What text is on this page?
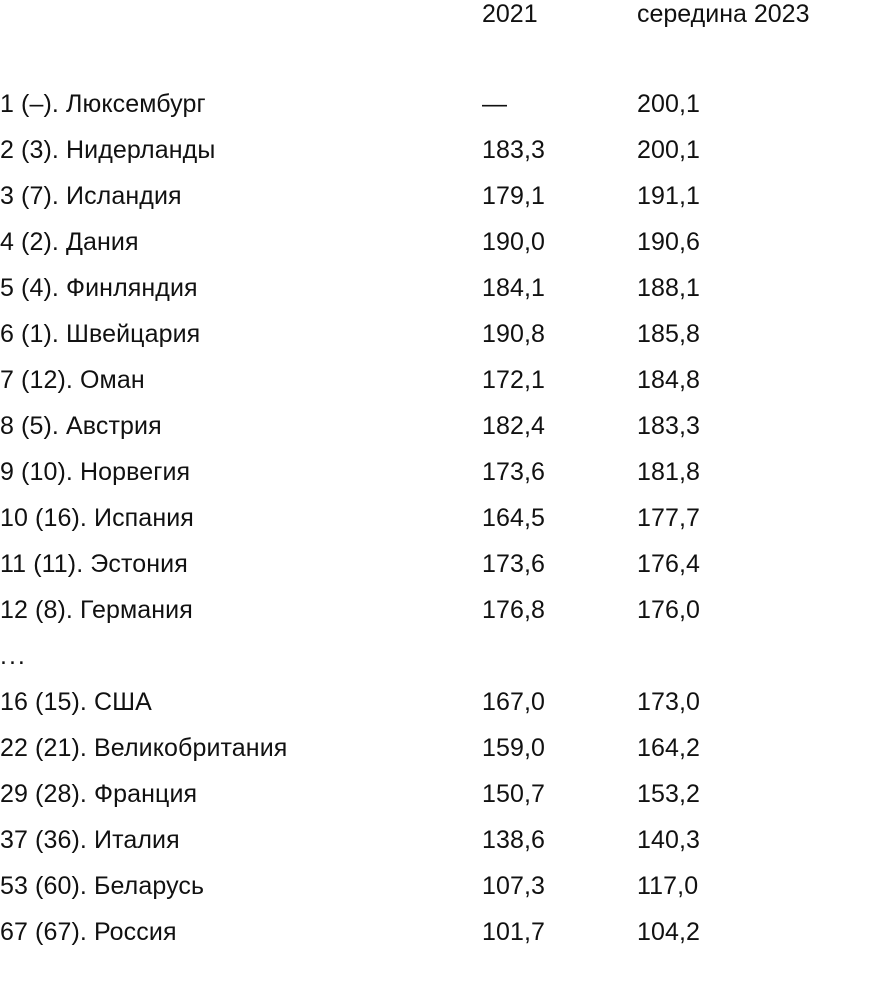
	2021	середина 2023
1 (–). Люксембург	—	200,1
2 (3). Нидерланды	183,3	200,1
3 (7). Исландия	179,1	191,1
4 (2). Дания	190,0	190,6
5 (4). Финляндия	184,1	188,1
6 (1). Швейцария	190,8	185,8
7 (12). Оман	172,1	184,8
8 (5). Австрия	182,4	183,3
9 (10). Норвегия	173,6	181,8
10 (16). Испания	164,5	177,7
11 (11). Эстония	173,6	176,4
12 (8). Германия	176,8	176,0
...		
16 (15). США	167,0	173,0
22 (21). Великобритания	159,0	164,2
29 (28). Франция	150,7	153,2
37 (36). Италия	138,6	140,3
53 (60). Беларусь	107,3	117,0
67 (67). Россия	101,7	104,2
